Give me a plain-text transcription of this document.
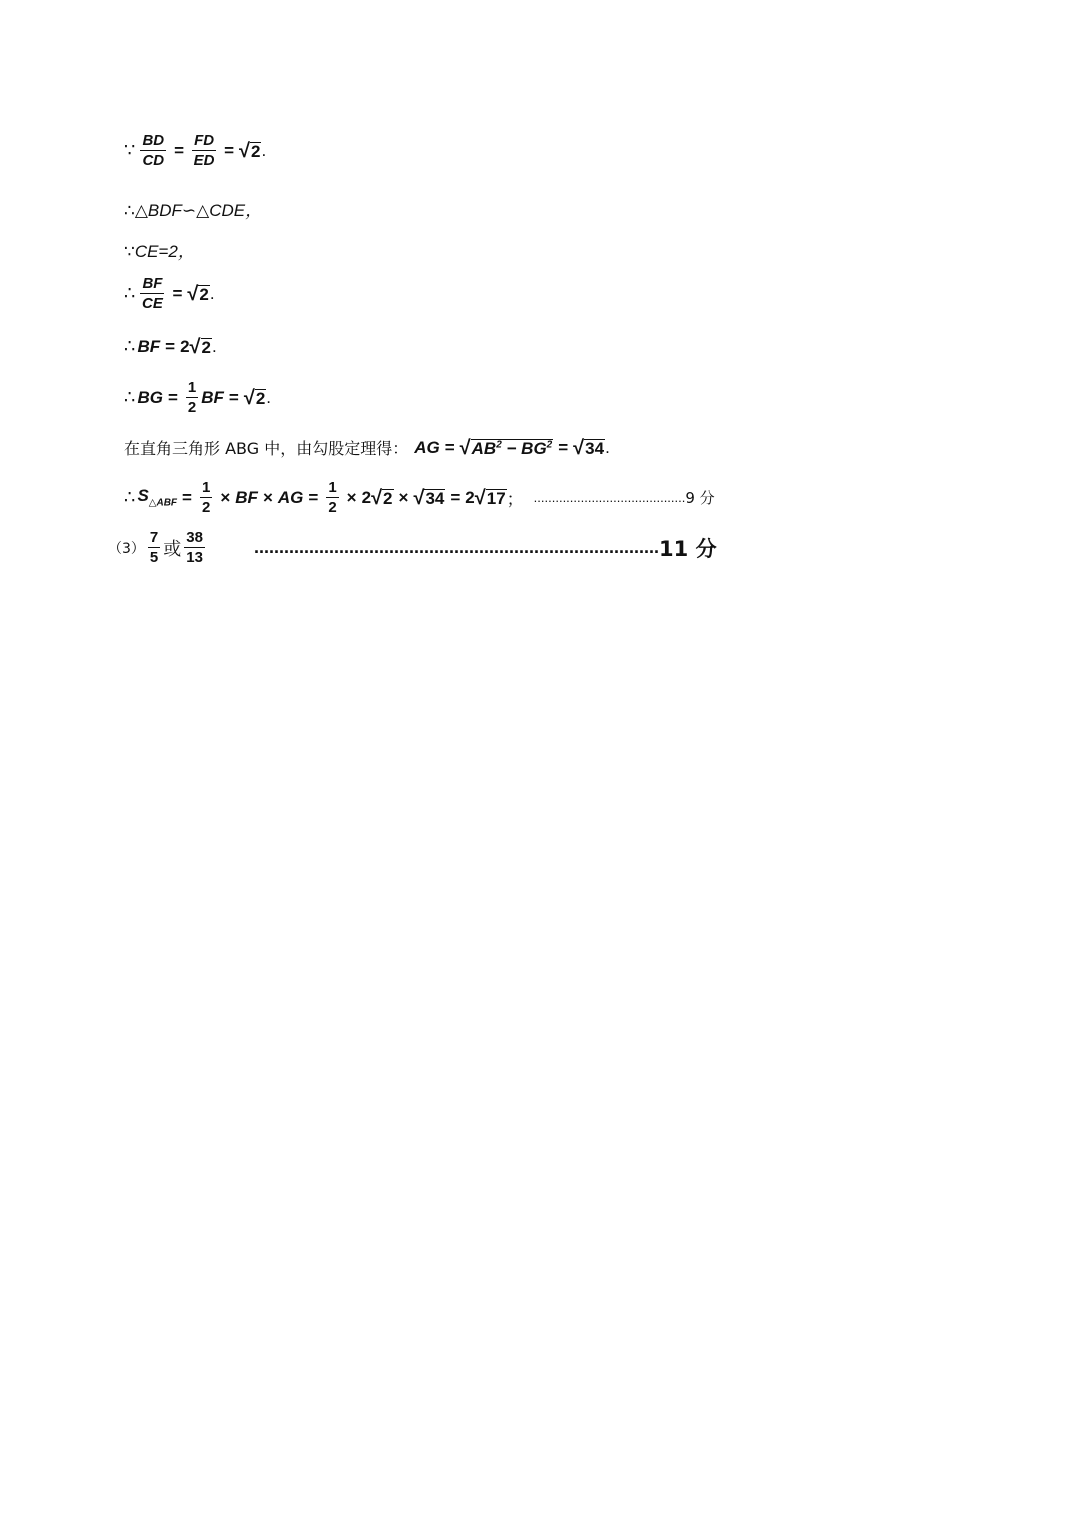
∵ $\frac{BD}{CD} = \frac{FD}{ED}$ = √ 2 .
∴△BDF∽△CDE，
∵CE=2，
∴ $\frac{BF}{CE}$ = √ 2 .
∴ BF = 2 √ 2 .
∴ BG = $\frac{1}{2}$ BF = √ 2 .
在直角三角形 ABG 中，由勾股定理得： AG = √ $AB^2 - BG^2$ = √ 34 .
∴ $S_{\triangle ABF} = \frac{1}{2}$ × BF × AG = $\frac{1}{2} \times 2$ √ 2 × √ 34 = 2 √ 17 ； .......................................... 9 分
$(3) \frac{7}{5}$ 或 $\frac{38}{13}$	................................................................................. 11 分
